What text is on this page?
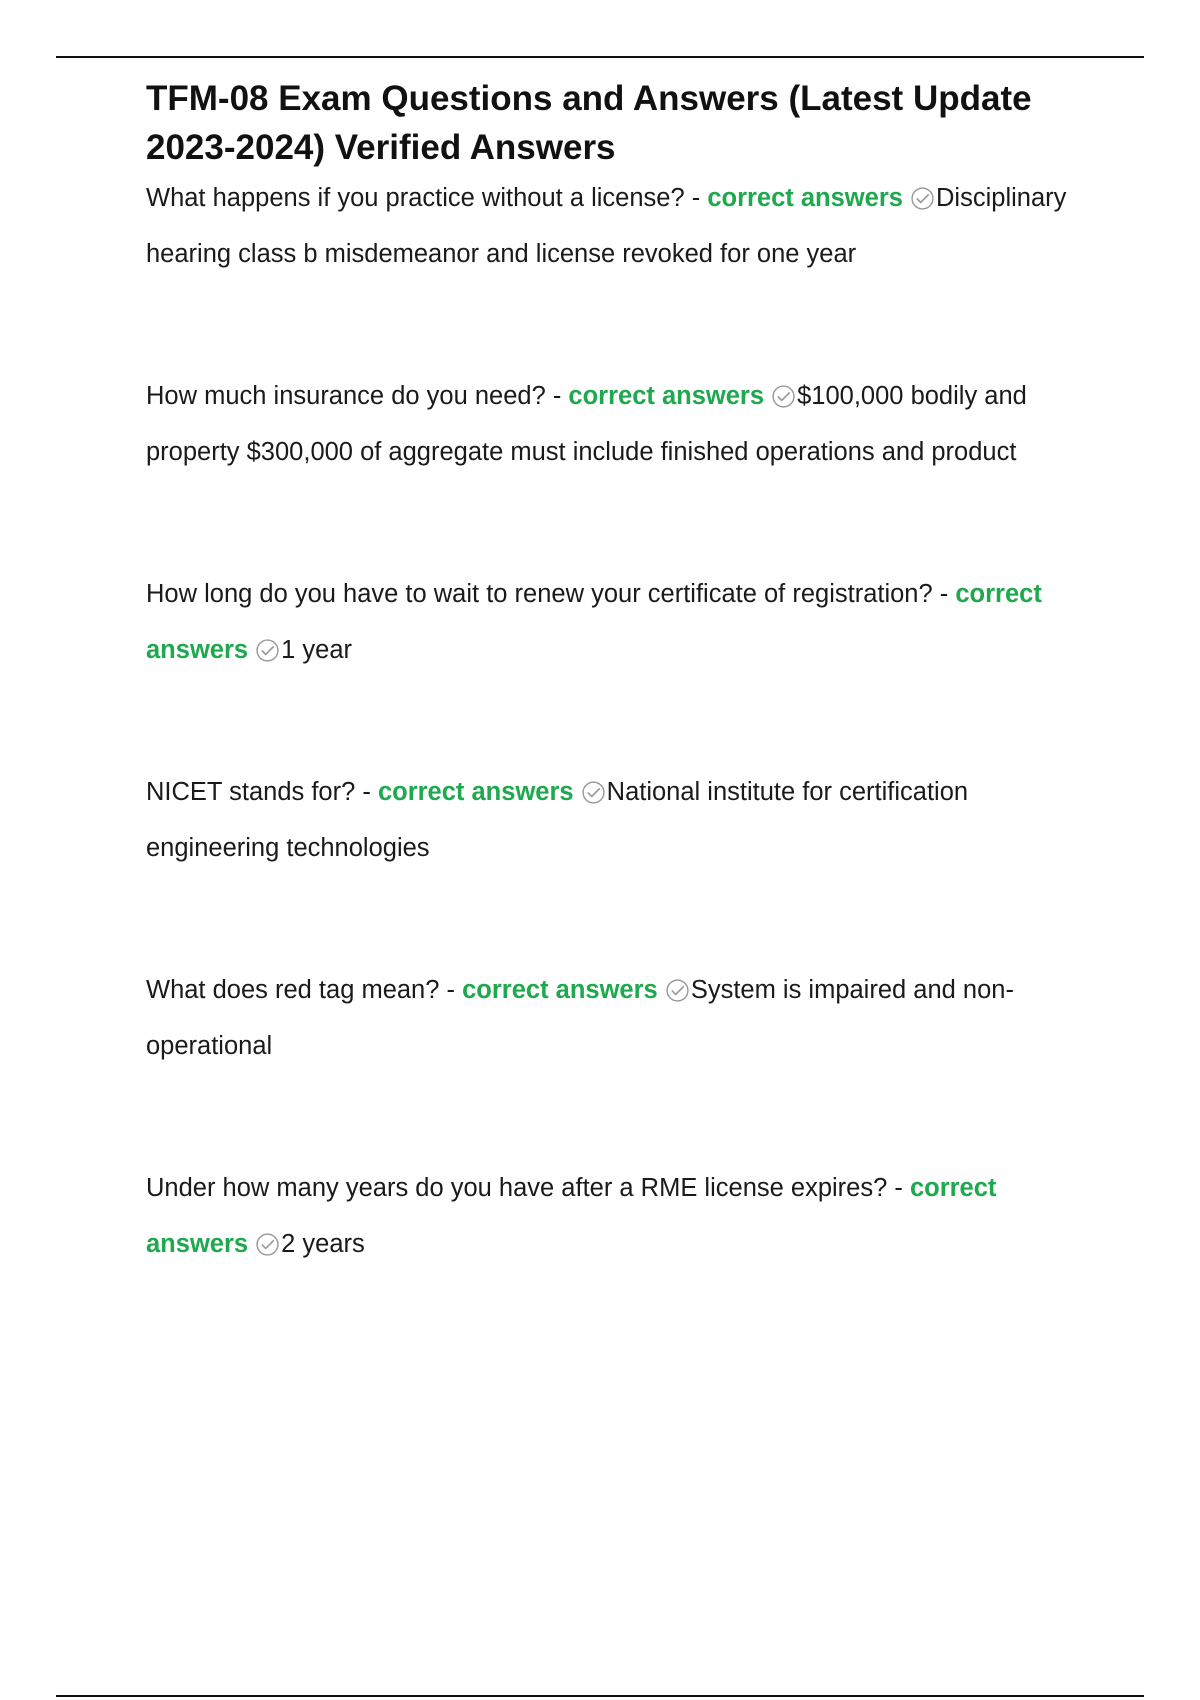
TFM-08 Exam Questions and Answers (Latest Update 2023-2024) Verified Answers
What happens if you practice without a license? - correct answers Disciplinary hearing class b misdemeanor and license revoked for one year
How much insurance do you need? - correct answers $100,000 bodily and property $300,000 of aggregate must include finished operations and product
How long do you have to wait to renew your certificate of registration? - correct answers 1 year
NICET stands for? - correct answers National institute for certification engineering technologies
What does red tag mean? - correct answers System is impaired and non-operational
Under how many years do you have after a RME license expires? - correct answers 2 years
